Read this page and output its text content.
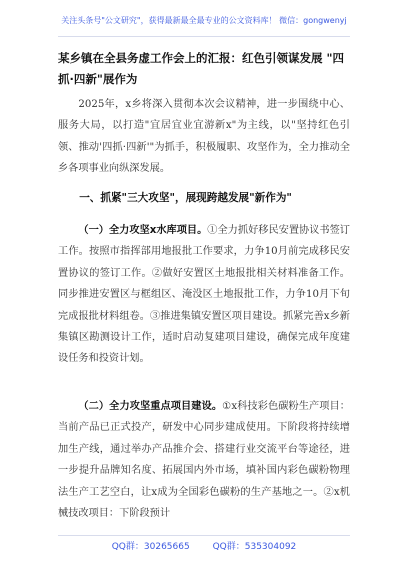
关注头条号"公文研究"，获得最新最全最专业的公文资料库！ 微信：gongwenyj
某乡镇在全县务虚工作会上的汇报：红色引领谋发展 "四抓·四新"展作为
2025年，x乡将深入贯彻本次会议精神，进一步围绕中心、服务大局，以打造"宜居宜业宜游新x"为主线，以"坚持红色引领、推动'四抓·四新'"为抓手，积极履职、攻坚作为，全力推动全乡各项事业向纵深发展。
一、抓紧"三大攻坚"，展现跨越发展"新作为"
（一）全力攻坚x水库项目。①全力抓好移民安置协议书签订工作。按照市指挥部用地报批工作要求，力争10月前完成移民安置协议的签订工作。②做好安置区土地报批相关材料准备工作。同步推进安置区与框组区、淹没区土地报批工作，力争10月下旬完成报批材料组卷。③推进集镇安置区项目建设。抓紧完善x乡新集镇区勘测设计工作，适时启动复建项目建设，确保完成年度建设任务和投资计划。
（二）全力攻坚重点项目建设。①x科技彩色碳粉生产项目：当前产品已正式投产，研发中心同步建成使用。下阶段将持续增加生产线，通过举办产品推介会、搭建行业交流平台等途径，进一步提升品牌知名度、拓展国内外市场，填补国内彩色碳粉物理法生产工艺空白，让x成为全国彩色碳粉的生产基地之一。②x机械技改项目：下阶段预计
QQ群：30265665	QQ群：535304092
